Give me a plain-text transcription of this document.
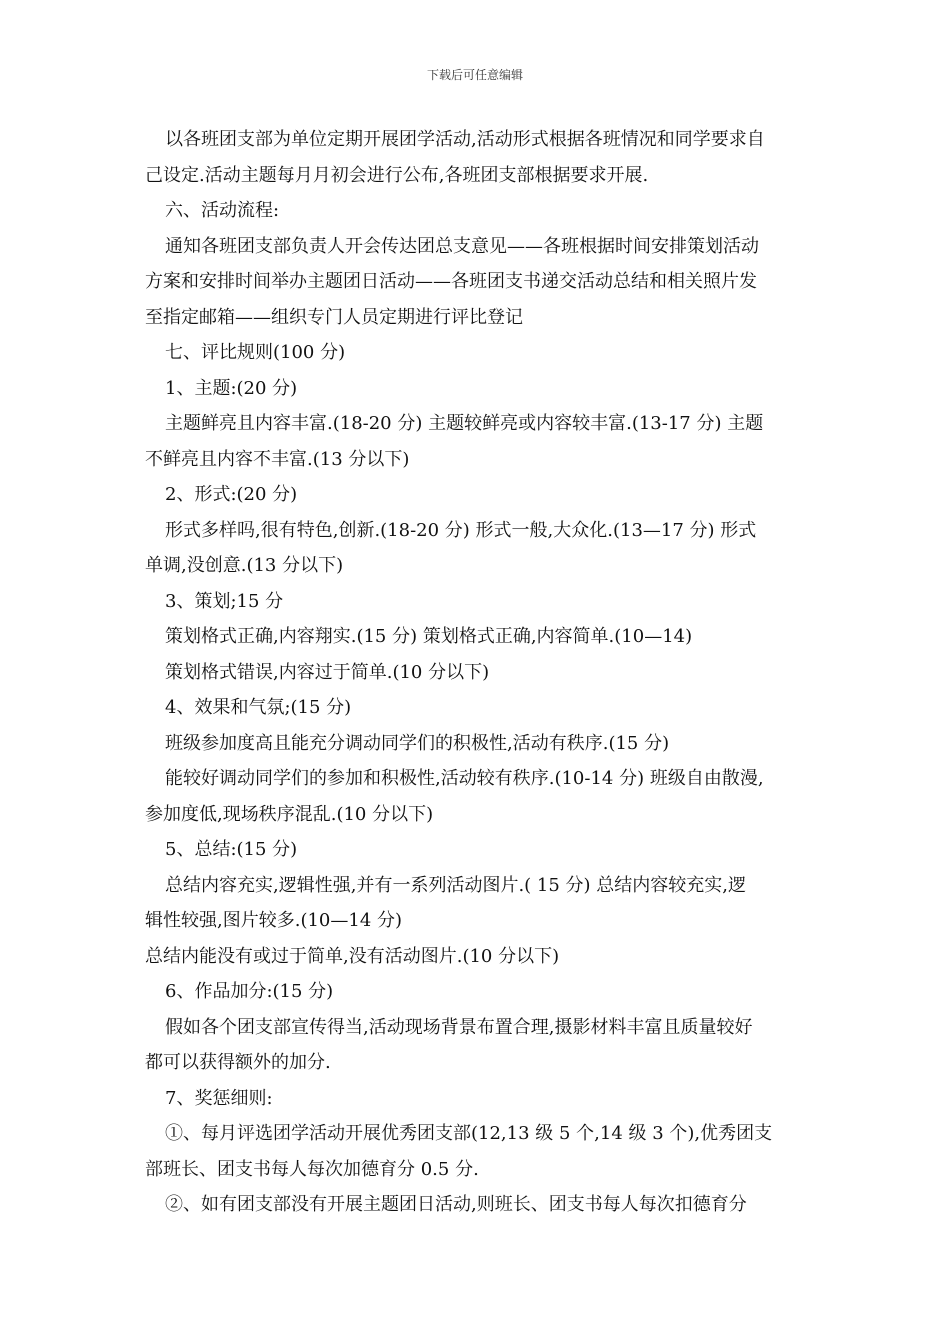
下载后可任意编辑

以各班团支部为单位定期开展团学活动,活动形式根据各班情况和同学要求自

己设定.活动主题每月月初会进行公布,各班团支部根据要求开展.

六、活动流程:

通知各班团支部负责人开会传达团总支意见——各班根据时间安排策划活动

方案和安排时间举办主题团日活动——各班团支书递交活动总结和相关照片发

至指定邮箱——组织专门人员定期进行评比登记

七、评比规则(100 分)

1、主题:(20 分)

主题鲜亮且内容丰富.(18-20 分) 主题较鲜亮或内容较丰富.(13-17 分) 主题

不鲜亮且内容不丰富.(13 分以下)

2、形式:(20 分)

形式多样吗,很有特色,创新.(18-20 分) 形式一般,大众化.(13—17 分) 形式

单调,没创意.(13 分以下)

3、策划;15 分

策划格式正确,内容翔实.(15 分) 策划格式正确,内容简单.(10—14)

策划格式错误,内容过于简单.(10 分以下)

4、效果和气氛;(15 分)

班级参加度高且能充分调动同学们的积极性,活动有秩序.(15 分)

能较好调动同学们的参加和积极性,活动较有秩序.(10-14 分) 班级自由散漫,

参加度低,现场秩序混乱.(10 分以下)

5、总结:(15 分)

总结内容充实,逻辑性强,并有一系列活动图片.( 15 分) 总结内容较充实,逻

辑性较强,图片较多.(10—14 分)

总结内能没有或过于简单,没有活动图片.(10 分以下)

6、作品加分:(15 分)

假如各个团支部宣传得当,活动现场背景布置合理,摄影材料丰富且质量较好

都可以获得额外的加分.

7、奖惩细则:

①、每月评选团学活动开展优秀团支部(12,13 级 5 个,14 级 3 个),优秀团支

部班长、团支书每人每次加德育分 0.5 分.

②、如有团支部没有开展主题团日活动,则班长、团支书每人每次扣德育分
